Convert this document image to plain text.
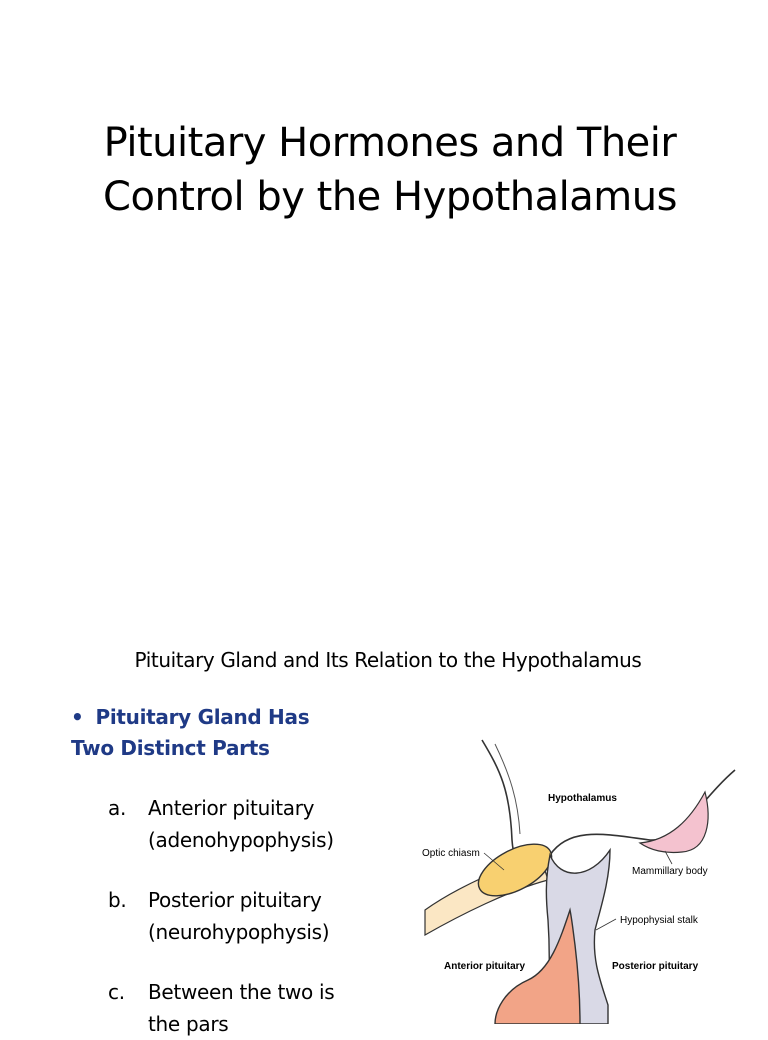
Pituitary Hormones and Their
Control by the Hypothalamus
Pituitary Gland and Its Relation to the Hypothalamus
• Pituitary Gland Has
Two Distinct Parts
a. Anterior pituitary
(adenohypophysis)
b. Posterior pituitary
(neurohypophysis)
c. Between the two is
the pars
Hypothalamus
Optic chiasm
Mammillary body
Hypophysial stalk
Anterior pituitary	Posterior pituitary
